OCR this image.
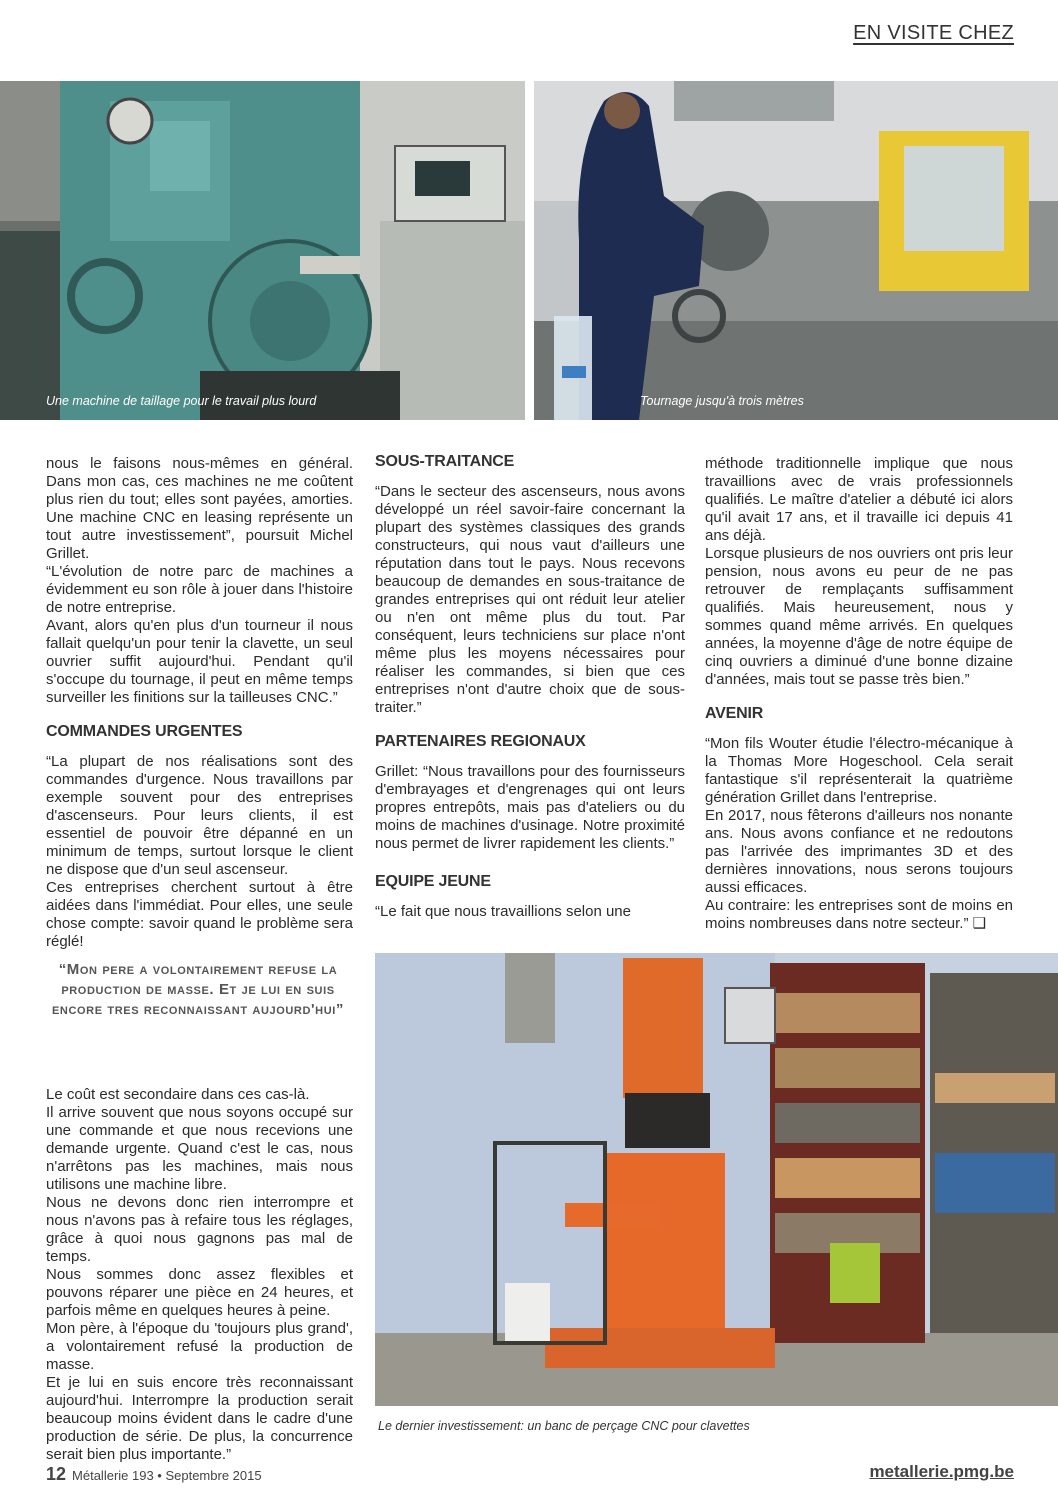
EN VISITE CHEZ
Une machine de taillage pour le travail plus lourd	Tournage jusqu'à trois mètres

nous le faisons nous-mêmes en général. Dans mon cas, ces machines ne me coûtent plus rien du tout; elles sont payées, amorties. Une machine CNC en leasing représente un tout autre investissement”, poursuit Michel Grillet.

“L'évolution de notre parc de machines a évidemment eu son rôle à jouer dans l'histoire de notre entreprise.

Avant, alors qu'en plus d'un tourneur il nous fallait quelqu'un pour tenir la clavette, un seul ouvrier suffit aujourd'hui. Pendant qu'il s'occupe du tournage, il peut en même temps surveiller les finitions sur la tailleuses CNC.”

COMMANDES URGENTES

“La plupart de nos réalisations sont des commandes d'urgence. Nous travaillons par exemple souvent pour des entreprises d'ascenseurs. Pour leurs clients, il est essentiel de pouvoir être dépanné en un minimum de temps, surtout lorsque le client ne dispose que d'un seul ascenseur.

Ces entreprises cherchent surtout à être aidées dans l'immédiat. Pour elles, une seule chose compte: savoir quand le problème sera réglé!

“Mon pere a volontairement refuse la production de masse. Et je lui en suis encore tres reconnaissant aujourd'hui”

Le coût est secondaire dans ces cas-là.

Il arrive souvent que nous soyons occupé sur une commande et que nous recevions une demande urgente. Quand c'est le cas, nous n'arrêtons pas les machines, mais nous utilisons une machine libre.

Nous ne devons donc rien interrompre et nous n'avons pas à refaire tous les réglages, grâce à quoi nous gagnons pas mal de temps.

Nous sommes donc assez flexibles et pouvons réparer une pièce en 24 heures, et parfois même en quelques heures à peine.

Mon père, à l'époque du 'toujours plus grand', a volontairement refusé la production de masse.

Et je lui en suis encore très reconnaissant aujourd'hui. Interrompre la production serait beaucoup moins évident dans le cadre d'une production de série. De plus, la concurrence serait bien plus importante.”

SOUS-TRAITANCE

“Dans le secteur des ascenseurs, nous avons développé un réel savoir-faire concernant la plupart des systèmes classiques des grands constructeurs, qui nous vaut d'ailleurs une réputation dans tout le pays. Nous recevons beaucoup de demandes en sous-traitance de grandes entreprises qui ont réduit leur atelier ou n'en ont même plus du tout. Par conséquent, leurs techniciens sur place n'ont même plus les moyens nécessaires pour réaliser les commandes, si bien que ces entreprises n'ont d'autre choix que de sous-traiter.”

PARTENAIRES REGIONAUX

Grillet: “Nous travaillons pour des fournisseurs d'embrayages et d'engrenages qui ont leurs propres entrepôts, mais pas d'ateliers ou du moins de machines d'usinage. Notre proximité nous permet de livrer rapidement les clients.”

EQUIPE JEUNE

“Le fait que nous travaillions selon une

méthode traditionnelle implique que nous travaillions avec de vrais professionnels qualifiés. Le maître d'atelier a débuté ici alors qu'il avait 17 ans, et il travaille ici depuis 41 ans déjà.

Lorsque plusieurs de nos ouvriers ont pris leur pension, nous avons eu peur de ne pas retrouver de remplaçants suffisamment qualifiés. Mais heureusement, nous y sommes quand même arrivés. En quelques années, la moyenne d'âge de notre équipe de cinq ouvriers a diminué d'une bonne dizaine d'années, mais tout se passe très bien.”

AVENIR

“Mon fils Wouter étudie l'électro-mécanique à la Thomas More Hogeschool. Cela serait fantastique s'il représenterait la quatrième génération Grillet dans l'entreprise.

En 2017, nous fêterons d'ailleurs nos nonante ans. Nous avons confiance et ne redoutons pas l'arrivée des imprimantes 3D et des dernières innovations, nous serons toujours aussi efficaces.

Au contraire: les entreprises sont de moins en moins nombreuses dans notre secteur.” ❑

Le dernier investissement: un banc de perçage CNC pour clavettes
12 Métallerie 193 • Septembre 2015	metallerie.pmg.be
